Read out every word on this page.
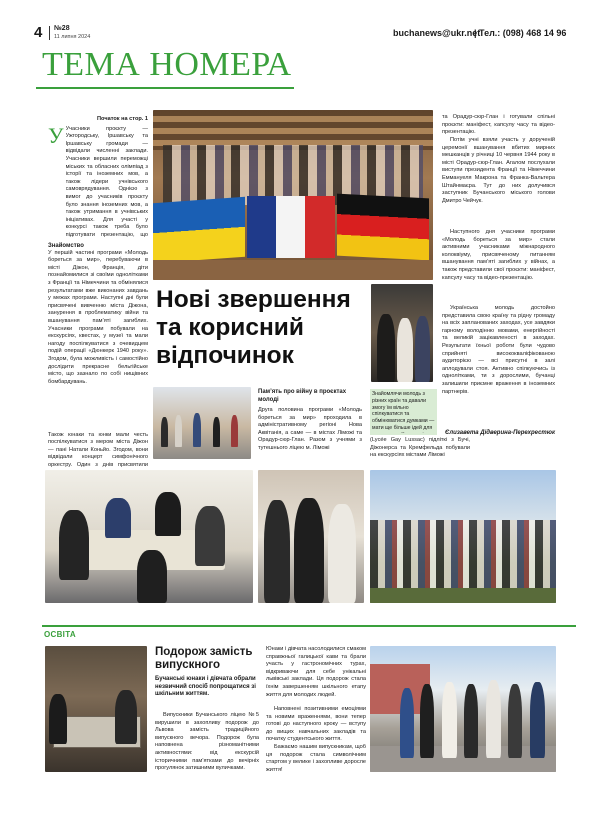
4 №28
11 липня 2024	buchanews@ukr.net
| Тел.: (098) 468 14 96
ТЕМА НОМЕРА
Початок на стор. 1
У Учасники проєкту — Ужгородську, Іршавську та Іршавську громади — відвідали численні заклади. Учасники вершили переможці міських та обласних олімпіад з історії та іноземних мов, а також лідери учнівського самоврядування. Однією з вимог до учасників проєкту було знання іноземних мов, а також утримання в учнівських ініціативах. Для участі у конкурсі також треба було підготувати презентацію, що
Знайомство
У першій частині програми «Молодь бореться за мир», перебуваючи в місті Діжон, Франція, діти познайомилися зі своїми однолітками з Франції та Німеччини та обмінялися результатами вже виконаних завдань у межах програми. Наступні дні були присвячені вивченню міста Діжона, занурення в проблематику війни та вшанування пам’яті загиблих. Учасники програми побували на екскурсіях, квестах, у музеї та мали нагоду поспілкуватися з очевидцем подій операції «Дюнкерк 1940 року». Згодом, була можливість і самостійно дослідити прекрасне бельгійське місто, що зазнало по собі нищівних бомбардувань.
Також юнаки та юнки мали честь поспілкуватися з мером міста Діжон — пані Натали Коньйо. Згодом, вони відвідали концерт симфонічного оркестру. Один з днів присвятили
Нові звершення та корисний відпочинок
Пам’ять про війну в проєктах молоді
Друга половина програми «Молодь бореться за мир» проходила в адміністративному регіоні Нова Аквітанія, а саме — в містах Ліможі та Орадур-сюр-Глан. Разом з учнями з тутешнього ліцею м. Ліможі
Знайомлячи молодь з різних країн та давали змогу їм вільно спілкуватися та обмінюватися думками — мати ще більше ідей для
(Lycée Gay Lussac) підліткі з Бучі, Діжонерса та Кремфельда побували на екскурсіях містами Ліможі
та Орадур-сюр-Глан і готували спільні проєкти: маніфест, капсулу часу та відео-презентацію.
Потім учні взяли участь у дорученій церемонії вшанування вбитих мирних мешканців у річниці 10 червня 1944 року в місті Орадур-сюр-Глан. Агалом послухали виступи президента Франції та Німеччини Еммануеля Макрона та Франка-Вальтера Штайнмаєра. Тут до них долучився заступник Бучанського міського голови Дмитро Чейчук.
Наступного дня учасники програми «Молодь бореться за мир» стали активними учасниками міжнародного колоквіуму, присвяченому питанням вшанування пам’яті загиблих у війнах, а також представили свої проєкти: маніфест, капсулу часу та відео-презентацію.
Українська молодь достойно представила свою країну та рідну громаду на всіх запланованих заходах, усе завдяки гарному володінню мовами, енергійності та великій зацікавленості в заходах. Результати їхньої роботи були чудово сприйняті висококваліфікованою аудиторією — всі присутні в залі аплодували стоя. Активно спілкуючись із однолітками, ти з дорослими, бучанці залишили приємне враження в іноземних партнерів.
Єлизавета Дідверина-Перехрестюк
ОСВІТА
Подорож замість випускного
Бучанські юнаки і дівчата обрали незвичний спосіб попрощатися зі шкільним життям.
Випускники Бучанського ліцею №5 вирушили в захопливу подорож до Львова замість традиційного випускного вечора. Подорож була наповнена різноманітними активностями: від екскурсій історичними пам’ятками до вечірніх прогулянок затишними вуличками.
Юнаки і дівчата насолодилися смаком справжньої галицької кави та брали участь у гастрономічних турах, відкриваючи для себе унікальні львівські заклади. Ця подорож стала їхнім завершенням шкільного етапу життя для молодих людей.
Наповнені позитивними емоціями та новими враженнями, вони тепер готові до наступного кроку — вступу до вищих навчальних закладів та початку студентського життя.
Бажаємо нашим випускникам, щоб ця подорож стала символічним стартом у велике і захопливе доросле життя!
